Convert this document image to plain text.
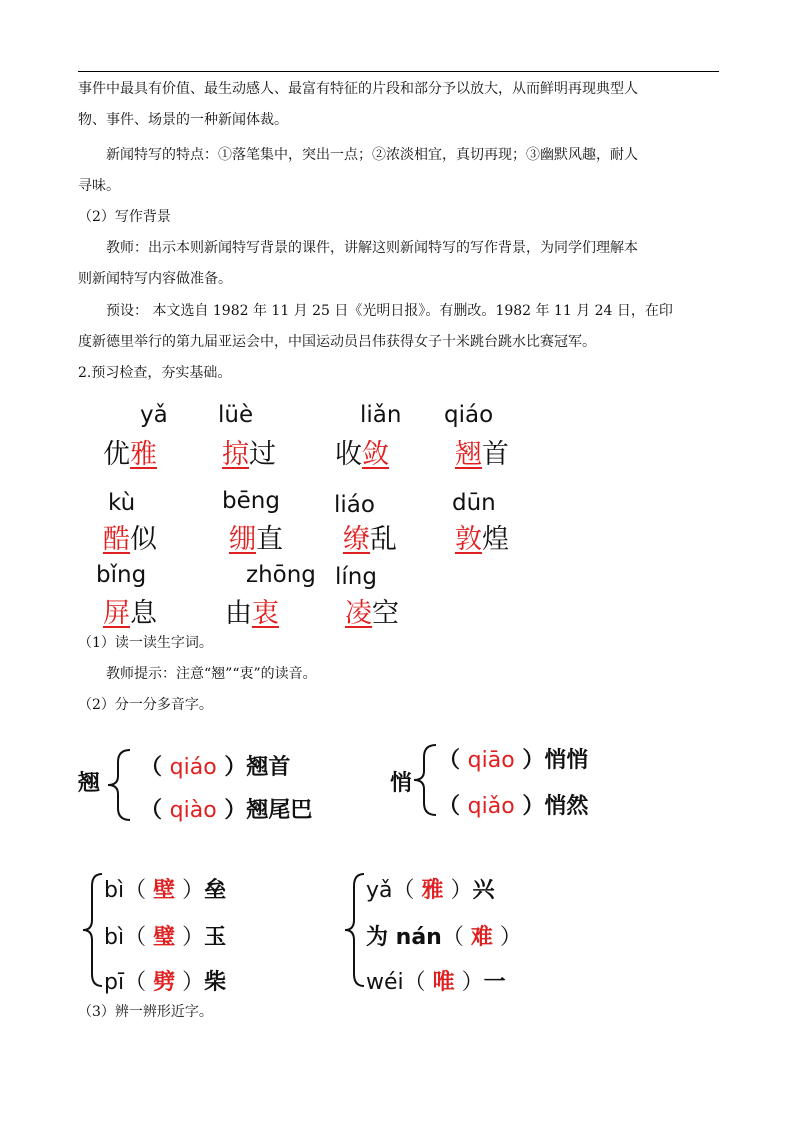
事件中最具有价值、最生动感人、最富有特征的片段和部分予以放大，从而鲜明再现典型人

物、事件、场景的一种新闻体裁。

新闻特写的特点：①落笔集中，突出一点；②浓淡相宜，真切再现；③幽默风趣，耐人

寻味。

（2）写作背景

教师：出示本则新闻特写背景的课件，讲解这则新闻特写的写作背景，为同学们理解本

则新闻特写内容做准备。

预设： 本文选自 1982 年 11 月 25 日《光明日报》。有删改。1982 年 11 月 24 日，在印

度新德里举行的第九届亚运会中，中国运动员吕伟获得女子十米跳台跳水比赛冠军。

2.预习检查，夯实基础。

yǎ
优雅
lüè
掠过
liǎn
收敛
qiáo
翘首
kù
酷似
bēng
绷直
liáo
缭乱
dūn
敦煌
bǐng
屏息
zhōng
由衷
líng
凌空

（1）读一读生字词。

教师提示：注意“翘”“衷”的读音。

（2）分一分多音字。

翘
（ qiáo ）翘首
（ qiào ）翘尾巴
悄
（ qiāo ）悄悄
（ qiǎo ）悄然
bì（ 壁 ）垒
bì（ 璧 ）玉
pī（ 劈 ）柴
yǎ（ 雅 ）兴
为 nán（ 难 ）
wéi（ 唯 ）一

（3）辨一辨形近字。
